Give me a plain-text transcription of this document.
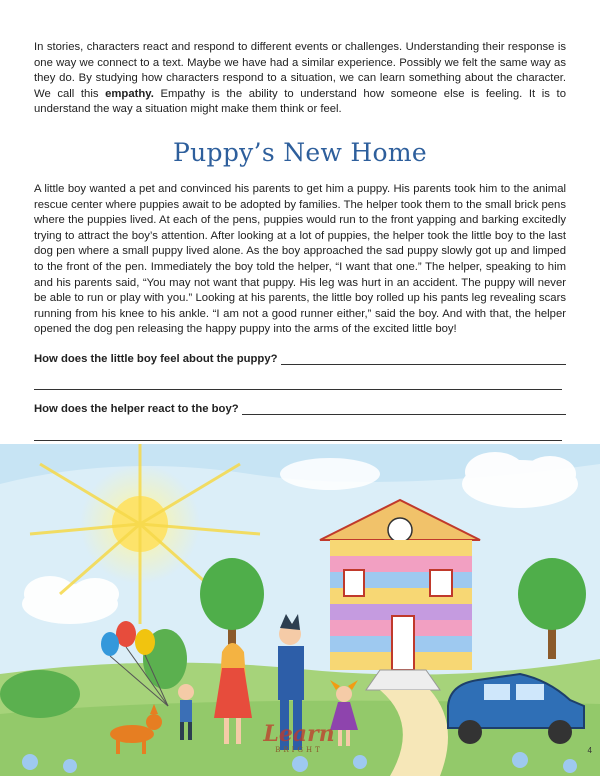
In stories, characters react and respond to different events or challenges. Understanding their response is one way we connect to a text. Maybe we have had a similar experience. Possibly we felt the same way as they do. By studying how characters respond to a situation, we can learn something about the character. We call this empathy. Empathy is the ability to understand how someone else is feeling. It is to understand the way a situation might make them think or feel.

Puppy’s New Home

A little boy wanted a pet and convinced his parents to get him a puppy. His parents took him to the animal rescue center where puppies await to be adopted by families. The helper took them to the small brick pens where the puppies lived. At each of the pens, puppies would run to the front yapping and barking excitedly trying to attract the boy’s attention. After looking at a lot of puppies, the helper took the little boy to the last dog pen where a small puppy lived alone. As the boy approached the sad puppy slowly got up and limped to the front of the pen. Immediately the boy told the helper, “I want that one.” The helper, speaking to him and his parents said, “You may not want that puppy. His leg was hurt in an accident. The puppy will never be able to run or play with you.” Looking at his parents, the little boy rolled up his pants leg revealing scars running from his knee to his ankle. “I am not a good runner either,” said the boy. And with that, the helper opened the dog pen releasing the happy puppy into the arms of the excited little boy!

How does the little boy feel about the puppy?
How does the helper react to the boy?
Learn
BRIGHT	4
